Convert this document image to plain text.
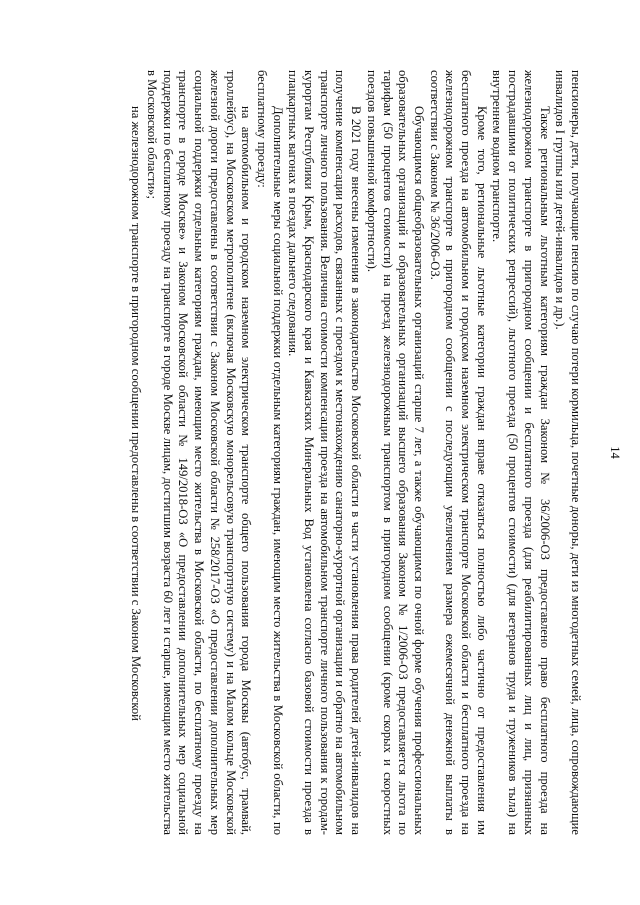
14

пенсионеры, дети, получающие пенсию по случаю потери кормильца, почетные доноры, дети из многодетных семей, лица, сопровождающие инвалидов I группы или детей-инвалидов и др.).

Также региональным льготным категориям граждан Законом № 36/2006-ОЗ предоставлено право бесплатного проезда на железнодорожном транспорте в пригородном сообщении и бесплатного проезда (для реабилитированных лиц и лиц, признанных пострадавшими от политических репрессий), льготного проезда (50 процентов стоимости) (для ветеранов труда и тружеников тыла) на внутреннем водном транспорте.

Кроме того, региональные льготные категории граждан вправе отказаться полностью либо частично от предоставления им бесплатного проезда на автомобильном и городском наземном электрическом транспорте Московской области и бесплатного проезда на железнодорожном транспорте в пригородном сообщении с последующим увеличением размера ежемесячной денежной выплаты в соответствии с Законом № 36/2006-ОЗ.

Обучающимся общеобразовательных организаций старше 7 лет, а также обучающимся по очной форме обучения профессиональных образовательных организаций и образовательных организаций высшего образования Законом № 1/2006-ОЗ предоставляется льгота по тарифам (50 процентов стоимости) на проезд железнодорожным транспортом в пригородном сообщении (кроме скорых и скоростных поездов повышенной комфортности).

В 2021 году внесены изменения в законодательство Московской области в части установления права родителей детей-инвалидов на получение компенсации расходов, связанных с проездом к местонахождению санаторно-курортной организации и обратно на автомобильном транспорте личного пользования. Величина стоимости компенсации проезда на автомобильном транспорте личного пользования к городам-курортам Республики Крым, Краснодарского края и Кавказских Минеральных Вод установлена согласно базовой стоимости проезда в плацкартных вагонах в поездах дальнего следования.

Дополнительные меры социальной поддержки отдельным категориям граждан, имеющим место жительства в Московской области, по бесплатному проезду:

на автомобильном и городском наземном электрическом транспорте общего пользования города Москвы (автобус, трамвай, троллейбус), на Московском метрополитене (включая Московскую монорельсовую транспортную систему) и на Малом кольце Московской железной дороги предоставлены в соответствии с Законом Московской области № 258/2017-ОЗ «О предоставлении дополнительных мер социальной поддержки отдельным категориям граждан, имеющим место жительства в Московской области, по бесплатному проезду на транспорте в городе Москве» и Законом Московской области № 149/2018-ОЗ «О предоставлении дополнительных мер социальной поддержки по бесплатному проезду на транспорте в городе Москве лицам, достигшим возраста 60 лет и старше, имеющим место жительства в Московской области»;

на железнодорожном транспорте в пригородном сообщении предоставлены в соответствии с Законом Московской
